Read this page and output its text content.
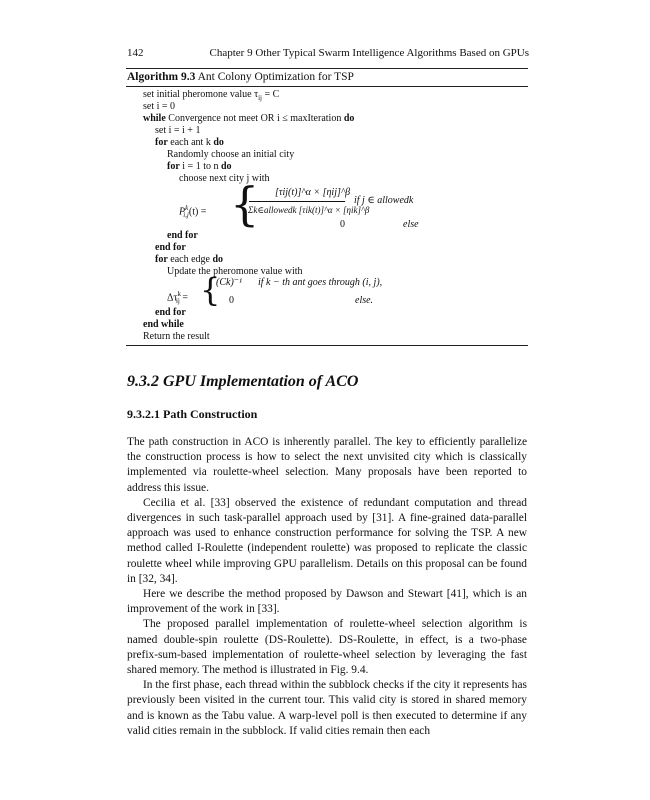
142	Chapter 9 Other Typical Swarm Intelligence Algorithms Based on GPUs
Algorithm 9.3 Ant Colony Optimization for TSP
set initial pheromone value $\tau_{ij} = C$
set i = 0
while Convergence not meet OR i ≤ maxIteration do
set i = i + 1
for each ant k do
Randomly choose an initial city
for i = 1 to n do
choose next city j with
$P^k_{i,j}(t)$ = { [τij(t)]^α × [ηij]^β
Σk∈allowedk [τik(t)]^α × [ηik]^β
if j ∈ allowedk
0	else
end for
end for
for each edge do
Update the pheromone value with
$\Delta\tau^k_{ij}$ = {
(Ck)⁻¹ if k − th ant goes through (i, j),
0	else.
end for
end while
Return the result
9.3.2 GPU Implementation of ACO
9.3.2.1 Path Construction

The path construction in ACO is inherently parallel. The key to efficiently parallelize the construction process is how to select the next unvisited city which is classically implemented via roulette-wheel selection. Many proposals have been reported to address this issue.

Cecilia et al. [33] observed the existence of redundant computation and thread divergences in such task-parallel approach used by [31]. A fine-grained data-parallel approach was used to enhance construction performance for solving the TSP. A new method called I-Roulette (independent roulette) was proposed to replicate the classic roulette wheel while improving GPU parallelism. Details on this proposal can be found in [32, 34].

Here we describe the method proposed by Dawson and Stewart [41], which is an improvement of the work in [33].

The proposed parallel implementation of roulette-wheel selection algorithm is named double-spin roulette (DS-Roulette). DS-Roulette, in effect, is a two-phase prefix-sum-based implementation of roulette-wheel selection by leveraging the fast shared memory. The method is illustrated in Fig. 9.4.

In the first phase, each thread within the subblock checks if the city it represents has previously been visited in the current tour. This valid city is stored in shared memory and is known as the Tabu value. A warp-level poll is then executed to determine if any valid cities remain in the subblock. If valid cities remain then each
